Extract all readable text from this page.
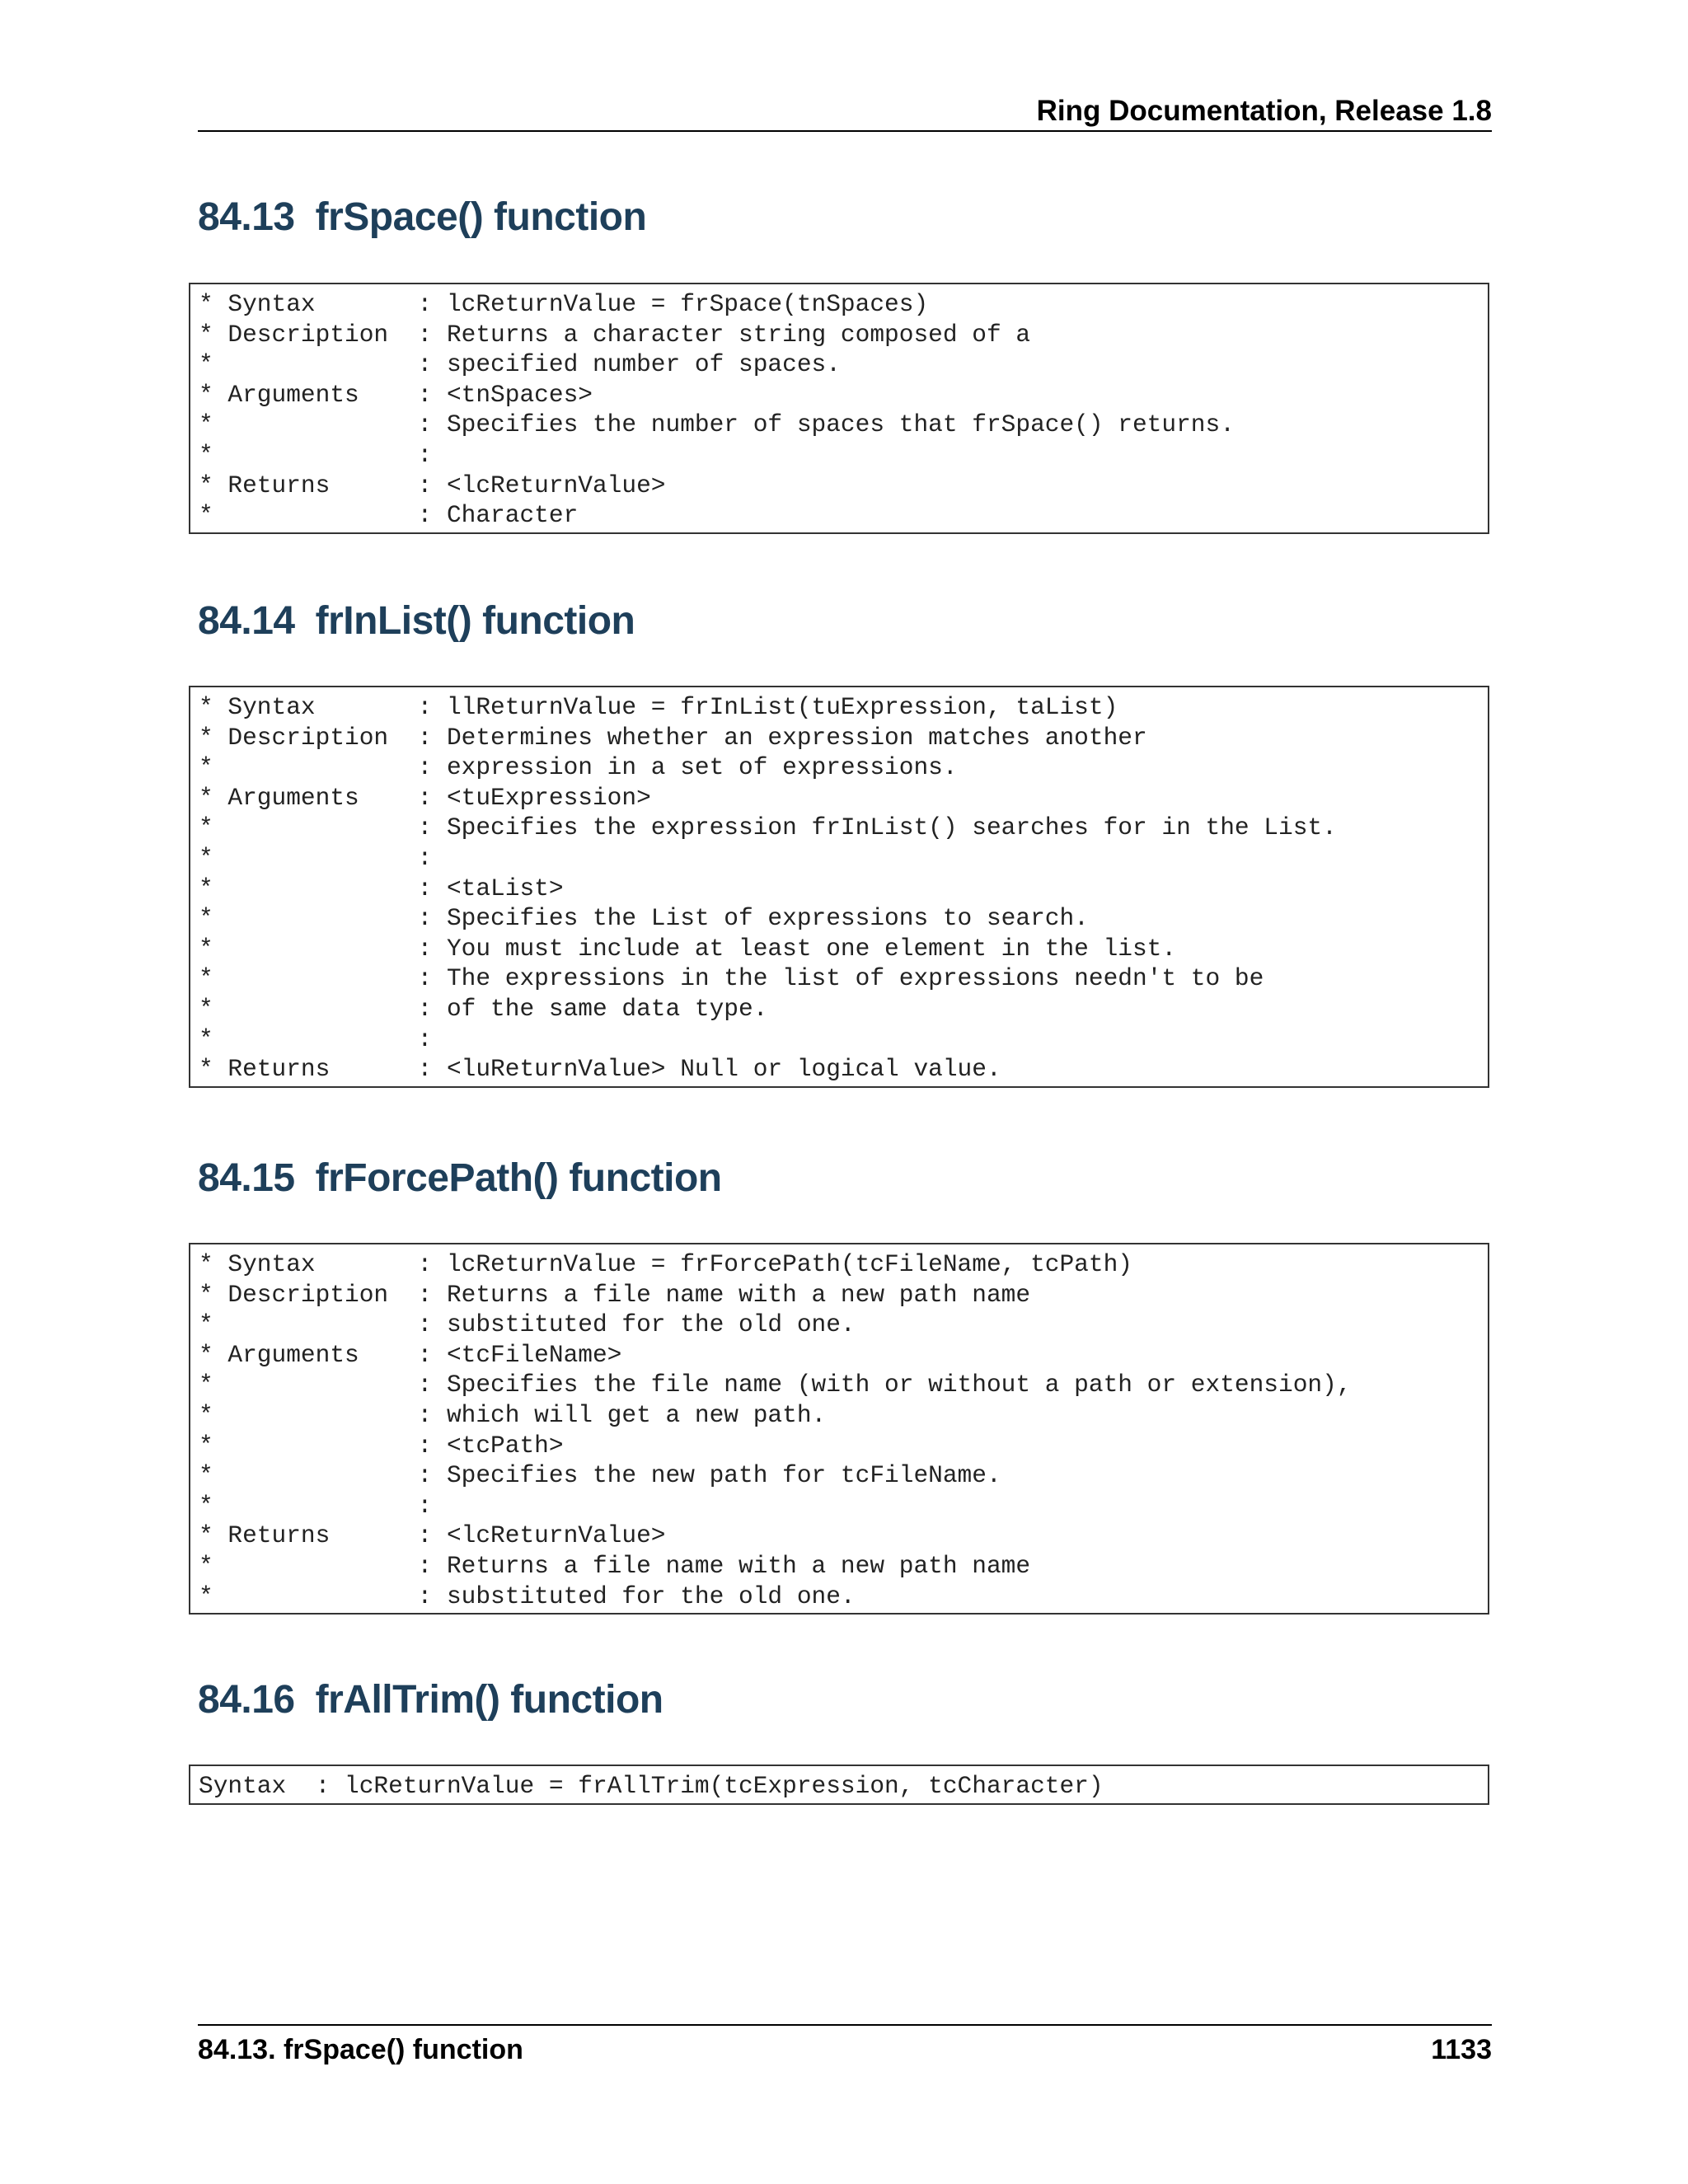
Ring Documentation, Release 1.8
84.13 frSpace() function
* Syntax       : lcReturnValue = frSpace(tnSpaces)
* Description  : Returns a character string composed of a
*              : specified number of spaces.
* Arguments    : <tnSpaces>
*              : Specifies the number of spaces that frSpace() returns.
*              :
* Returns      : <lcReturnValue>
*              : Character
84.14 frInList() function
* Syntax       : llReturnValue = frInList(tuExpression, taList)
* Description  : Determines whether an expression matches another
*              : expression in a set of expressions.
* Arguments    : <tuExpression>
*              : Specifies the expression frInList() searches for in the List.
*              :
*              : <taList>
*              : Specifies the List of expressions to search.
*              : You must include at least one element in the list.
*              : The expressions in the list of expressions needn't to be
*              : of the same data type.
*              :
* Returns      : <luReturnValue> Null or logical value.
84.15 frForcePath() function
* Syntax       : lcReturnValue = frForcePath(tcFileName, tcPath)
* Description  : Returns a file name with a new path name
*              : substituted for the old one.
* Arguments    : <tcFileName>
*              : Specifies the file name (with or without a path or extension),
*              : which will get a new path.
*              : <tcPath>
*              : Specifies the new path for tcFileName.
*              :
* Returns      : <lcReturnValue>
*              : Returns a file name with a new path name
*              : substituted for the old one.
84.16 frAllTrim() function
Syntax  : lcReturnValue = frAllTrim(tcExpression, tcCharacter)
84.13. frSpace() function	1133
